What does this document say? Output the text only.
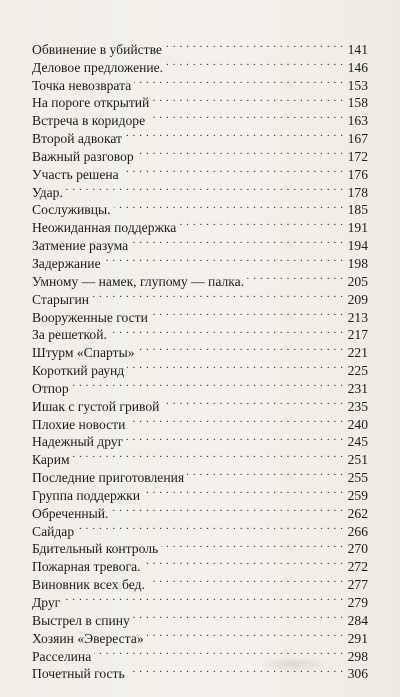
Обвинение в убийстве . . .	141
Деловое предложение. . . .	146
Точка невозврата . . .	153
На пороге открытий . . .	158
Встреча в коридоре . . .	163
Второй адвокат . . .	167
Важный разговор . . .	172
Участь решена . . .	176
Удар. . . .	178
Сослуживцы. . . .	185
Неожиданная поддержка . . .	191
Затмение разума . . .	194
Задержание . . .	198
Умному — намек, глупому — палка. . . .	205
Старыгин . . .	209
Вооруженные гости . . .	213
За решеткой. . . .	217
Штурм «Спарты» . . .	221
Короткий раунд . . .	225
Отпор . . .	231
Ишак с густой гривой . . .	235
Плохие новости . . .	240
Надежный друг . . .	245
Карим . . .	251
Последние приготовления . . .	255
Группа поддержки . . .	259
Обреченный. . . .	262
Сайдар . . .	266
Бдительный контроль . . .	270
Пожарная тревога. . . .	272
Виновник всех бед. . . .	277
Друг . . .	279
Выстрел в спину . . .	284
Хозяин «Эвереста» . . .	291
Расселина . . .	298
Почетный гость . . .	306
